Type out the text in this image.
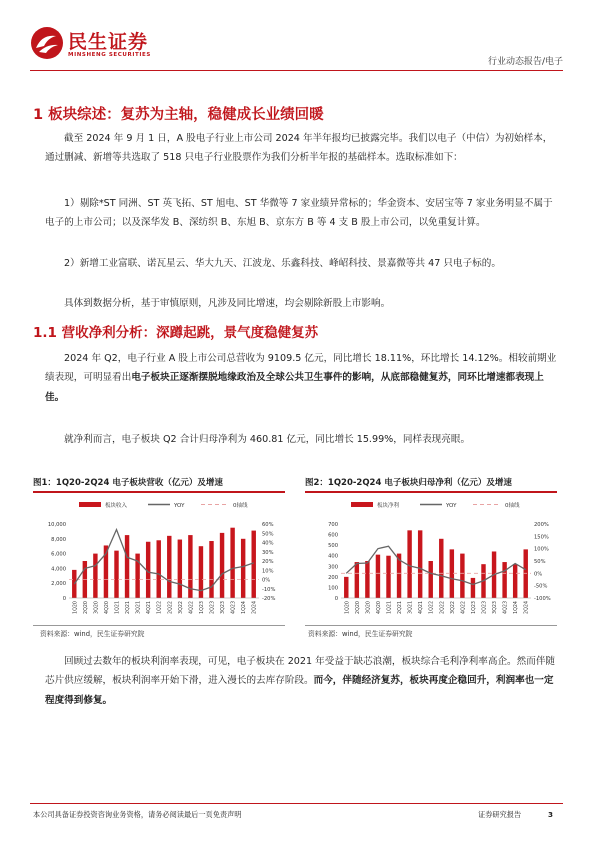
民生证券
MINSHENG SECURITIES
行业动态报告/电子
1 板块综述：复苏为主轴，稳健成长业绩回暖
截至 2024 年 9 月 1 日，A 股电子行业上市公司 2024 年半年报均已披露完毕。我们以电子（中信）为初始样本，通过删减、新增等共选取了 518 只电子行业股票作为我们分析半年报的基础样本。选取标准如下：
1）剔除*ST 同洲、ST 英飞拓、ST 旭电、ST 华微等 7 家业绩异常标的；华金资本、安居宝等 7 家业务明显不属于电子的上市公司；以及深华发 B、深纺织 B、东旭 B、京东方 B 等 4 支 B 股上市公司，以免重复计算。
2）新增工业富联、诺瓦星云、华大九天、江波龙、乐鑫科技、峰岹科技、景嘉微等共 47 只电子标的。
具体到数据分析，基于审慎原则，凡涉及同比增速，均会剔除新股上市影响。
1.1 营收净利分析：深蹲起跳，景气度稳健复苏
2024 年 Q2，电子行业 A 股上市公司总营收为 9109.5 亿元，同比增长 18.11%，环比增长 14.12%。相较前期业绩表现，可明显看出电子板块正逐渐摆脱地缘政治及全球公共卫生事件的影响，从底部稳健复苏，同环比增速都表现上佳。
就净利而言，电子板块 Q2 合计归母净利为 460.81 亿元，同比增长 15.99%，同样表现亮眼。
图1：1Q20-2Q24 电子板块营收（亿元）及增速
板块收入	YOY	0轴线
0
2,000
4,000
6,000
8,000
10,000
-20%
-10%
0%
10%
20%
30%
40%
50%
60%
1Q20 2Q20 3Q20 4Q20 1Q21 2Q21 3Q21 4Q21 1Q22 2Q22 3Q22 4Q22 1Q23 2Q23 3Q23 4Q23 1Q24 2Q24
资料来源：wind，民生证券研究院
图2：1Q20-2Q24 电子板块归母净利（亿元）及增速
板块净利	YOY	0轴线
0
100
200
300
400
500
600
700
-100%
-50%
0%
50%
100%
150%
200%
1Q20 2Q20 3Q20 4Q20 1Q21 2Q21 3Q21 4Q21 1Q22 2Q22 3Q22 4Q22 1Q23 2Q23 3Q23 4Q23 1Q24 2Q24
资料来源：wind，民生证券研究院
回顾过去数年的板块利润率表现，可见，电子板块在 2021 年受益于缺芯浪潮，板块综合毛利净利率高企。然而伴随芯片供应缓解，板块利润率开始下滑，进入漫长的去库存阶段。而今，伴随经济复苏，板块再度企稳回升，利润率也一定程度得到修复。
本公司具备证券投资咨询业务资格，请务必阅读最后一页免责声明	证券研究报告	3
